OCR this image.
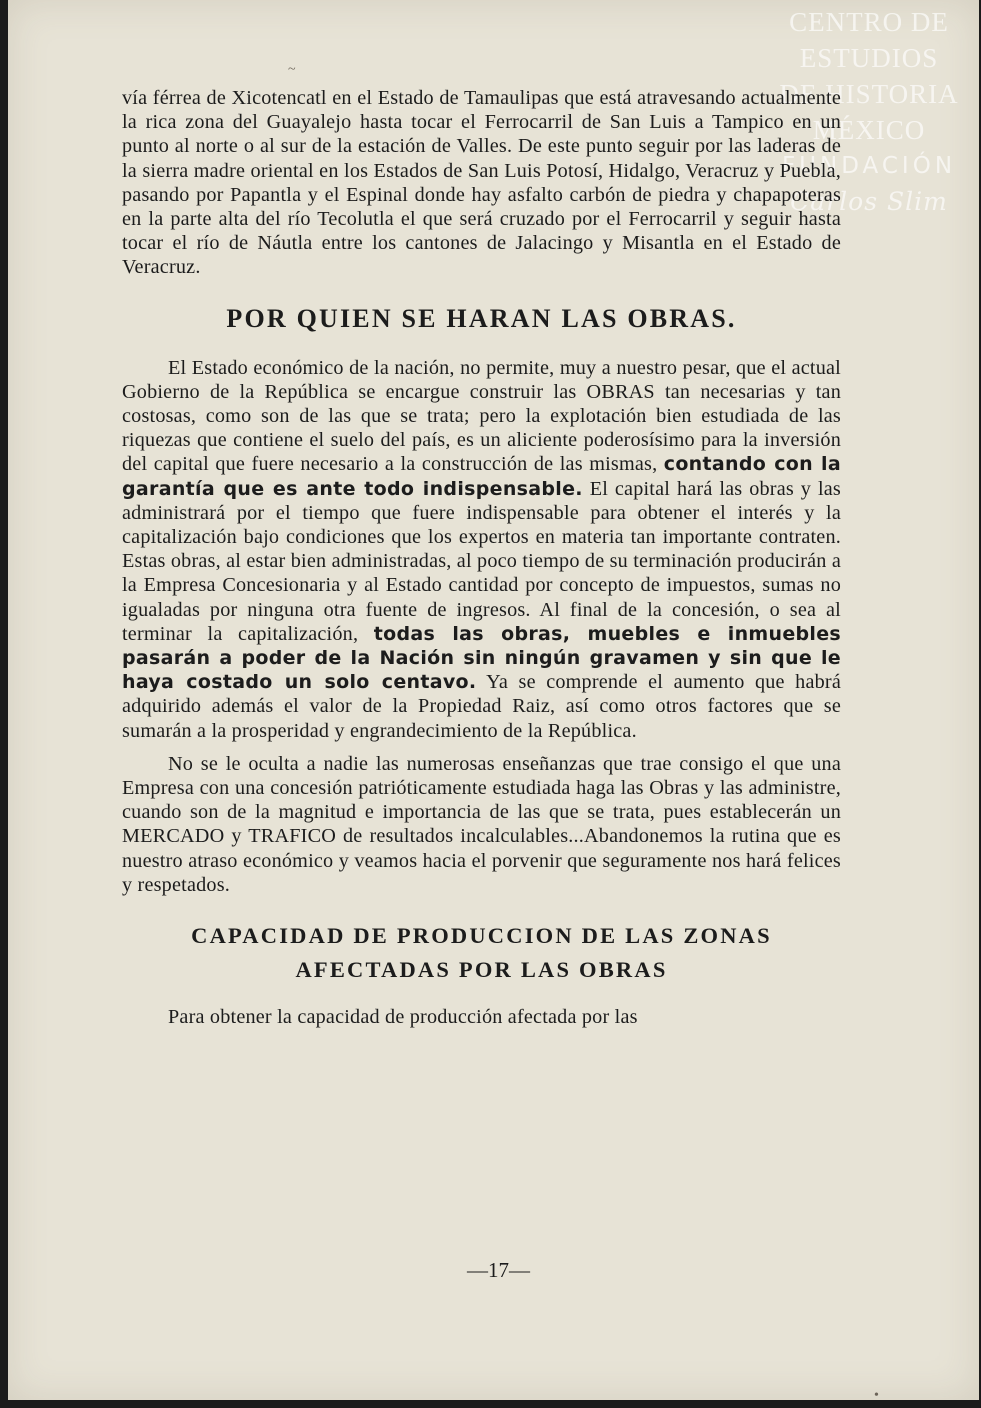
CENTRO DE
ESTUDIOS
DE HISTORIA
MÉXICO
FUNDACIÓN
Carlos Slim
~
•

vía férrea de Xicotencatl en el Estado de Tamaulipas que está atravesando actualmente la rica zona del Guayalejo hasta tocar el Ferrocarril de San Luis a Tampico en un punto al norte o al sur de la estación de Valles. De este punto seguir por las laderas de la sierra madre oriental en los Estados de San Luis Potosí, Hidalgo, Veracruz y Puebla, pasando por Papantla y el Espinal donde hay asfalto carbón de piedra y chapapoteras en la parte alta del río Tecolutla el que será cruzado por el Ferrocarril y seguir hasta tocar el río de Náutla entre los cantones de Jalacingo y Misantla en el Estado de Veracruz.

POR QUIEN SE HARAN LAS OBRAS.

El Estado económico de la nación, no permite, muy a nuestro pesar, que el actual Gobierno de la República se encargue construir las OBRAS tan necesarias y tan costosas, como son de las que se trata; pero la explotación bien estudiada de las riquezas que contiene el suelo del país, es un aliciente poderosísimo para la inversión del capital que fuere necesario a la construcción de las mismas, contando con la garantía que es ante todo indispensable. El capital hará las obras y las administrará por el tiempo que fuere indispensable para obtener el interés y la capitalización bajo condiciones que los expertos en materia tan importante contraten. Estas obras, al estar bien administradas, al poco tiempo de su terminación producirán a la Empresa Concesionaria y al Estado cantidad por concepto de impuestos, sumas no igualadas por ninguna otra fuente de ingresos. Al final de la concesión, o sea al terminar la capitalización, todas las obras, muebles e inmuebles pasarán a poder de la Nación sin ningún gravamen y sin que le haya costado un solo centavo. Ya se comprende el aumento que habrá adquirido además el valor de la Propiedad Raiz, así como otros factores que se sumarán a la prosperidad y engrandecimiento de la República.

No se le oculta a nadie las numerosas enseñanzas que trae consigo el que una Empresa con una concesión patrióticamente estudiada haga las Obras y las administre, cuando son de la magnitud e importancia de las que se trata, pues establecerán un MERCADO y TRAFICO de resultados incalculables...Abandonemos la rutina que es nuestro atraso económico y veamos hacia el porvenir que seguramente nos hará felices y respetados.

CAPACIDAD DE PRODUCCION DE LAS ZONAS
AFECTADAS POR LAS OBRAS

Para obtener la capacidad de producción afectada por las

—17—
